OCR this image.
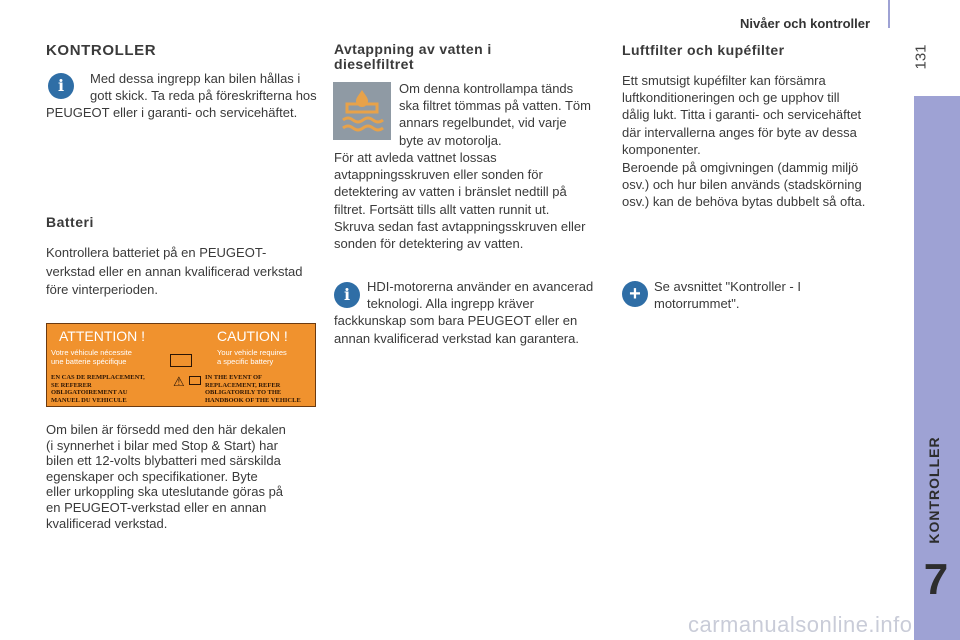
Nivåer och kontroller
131
KONTROLLER
7
KONTROLLER
i	Med dessa ingrepp kan bilen hållas i
gott skick. Ta reda på föreskrifterna hos
PEUGEOT eller i garanti- och servicehäftet.
Batteri
Kontrollera batteriet på en PEUGEOT-
verkstad eller en annan kvalificerad verkstad
före vinterperioden.
ATTENTION !	CAUTION !
Votre véhicule nécessite
une batterie spécifique
Your vehicle requires
a specific battery
⚠
EN CAS DE REMPLACEMENT,
SE REFERER
OBLIGATOIREMENT AU
MANUEL DU VEHICULE
IN THE EVENT OF
REPLACEMENT, REFER
OBLIGATORILY TO THE
HANDBOOK OF THE VEHICLE
Om bilen är försedd med den här dekalen
(i synnerhet i bilar med Stop & Start) har
bilen ett 12-volts blybatteri med särskilda
egenskaper och specifikationer. Byte
eller urkoppling ska uteslutande göras på
en PEUGEOT-verkstad eller en annan
kvalificerad verkstad.
Avtappning av vatten i
dieselfiltret
Om denna kontrollampa tänds
ska filtret tömmas på vatten. Töm
annars regelbundet, vid varje
byte av motorolja.
För att avleda vattnet lossas
avtappningsskruven eller sonden för
detektering av vatten i bränslet nedtill på
filtret. Fortsätt tills allt vatten runnit ut.
Skruva sedan fast avtappningsskruven eller
sonden för detektering av vatten.
i	HDI-motorerna använder en avancerad
teknologi. Alla ingrepp kräver
fackkunskap som bara PEUGEOT eller en
annan kvalificerad verkstad kan garantera.
Luftfilter och kupéfilter
Ett smutsigt kupéfilter kan försämra
luftkonditioneringen och ge upphov till
dålig lukt. Titta i garanti- och servicehäftet
där intervallerna anges för byte av dessa
komponenter.
Beroende på omgivningen (dammig miljö
osv.) och hur bilen används (stadskörning
osv.) kan de behöva bytas dubbelt så ofta.
+ Se avsnittet "Kontroller - I
motorrummet".
carmanualsonline.info
